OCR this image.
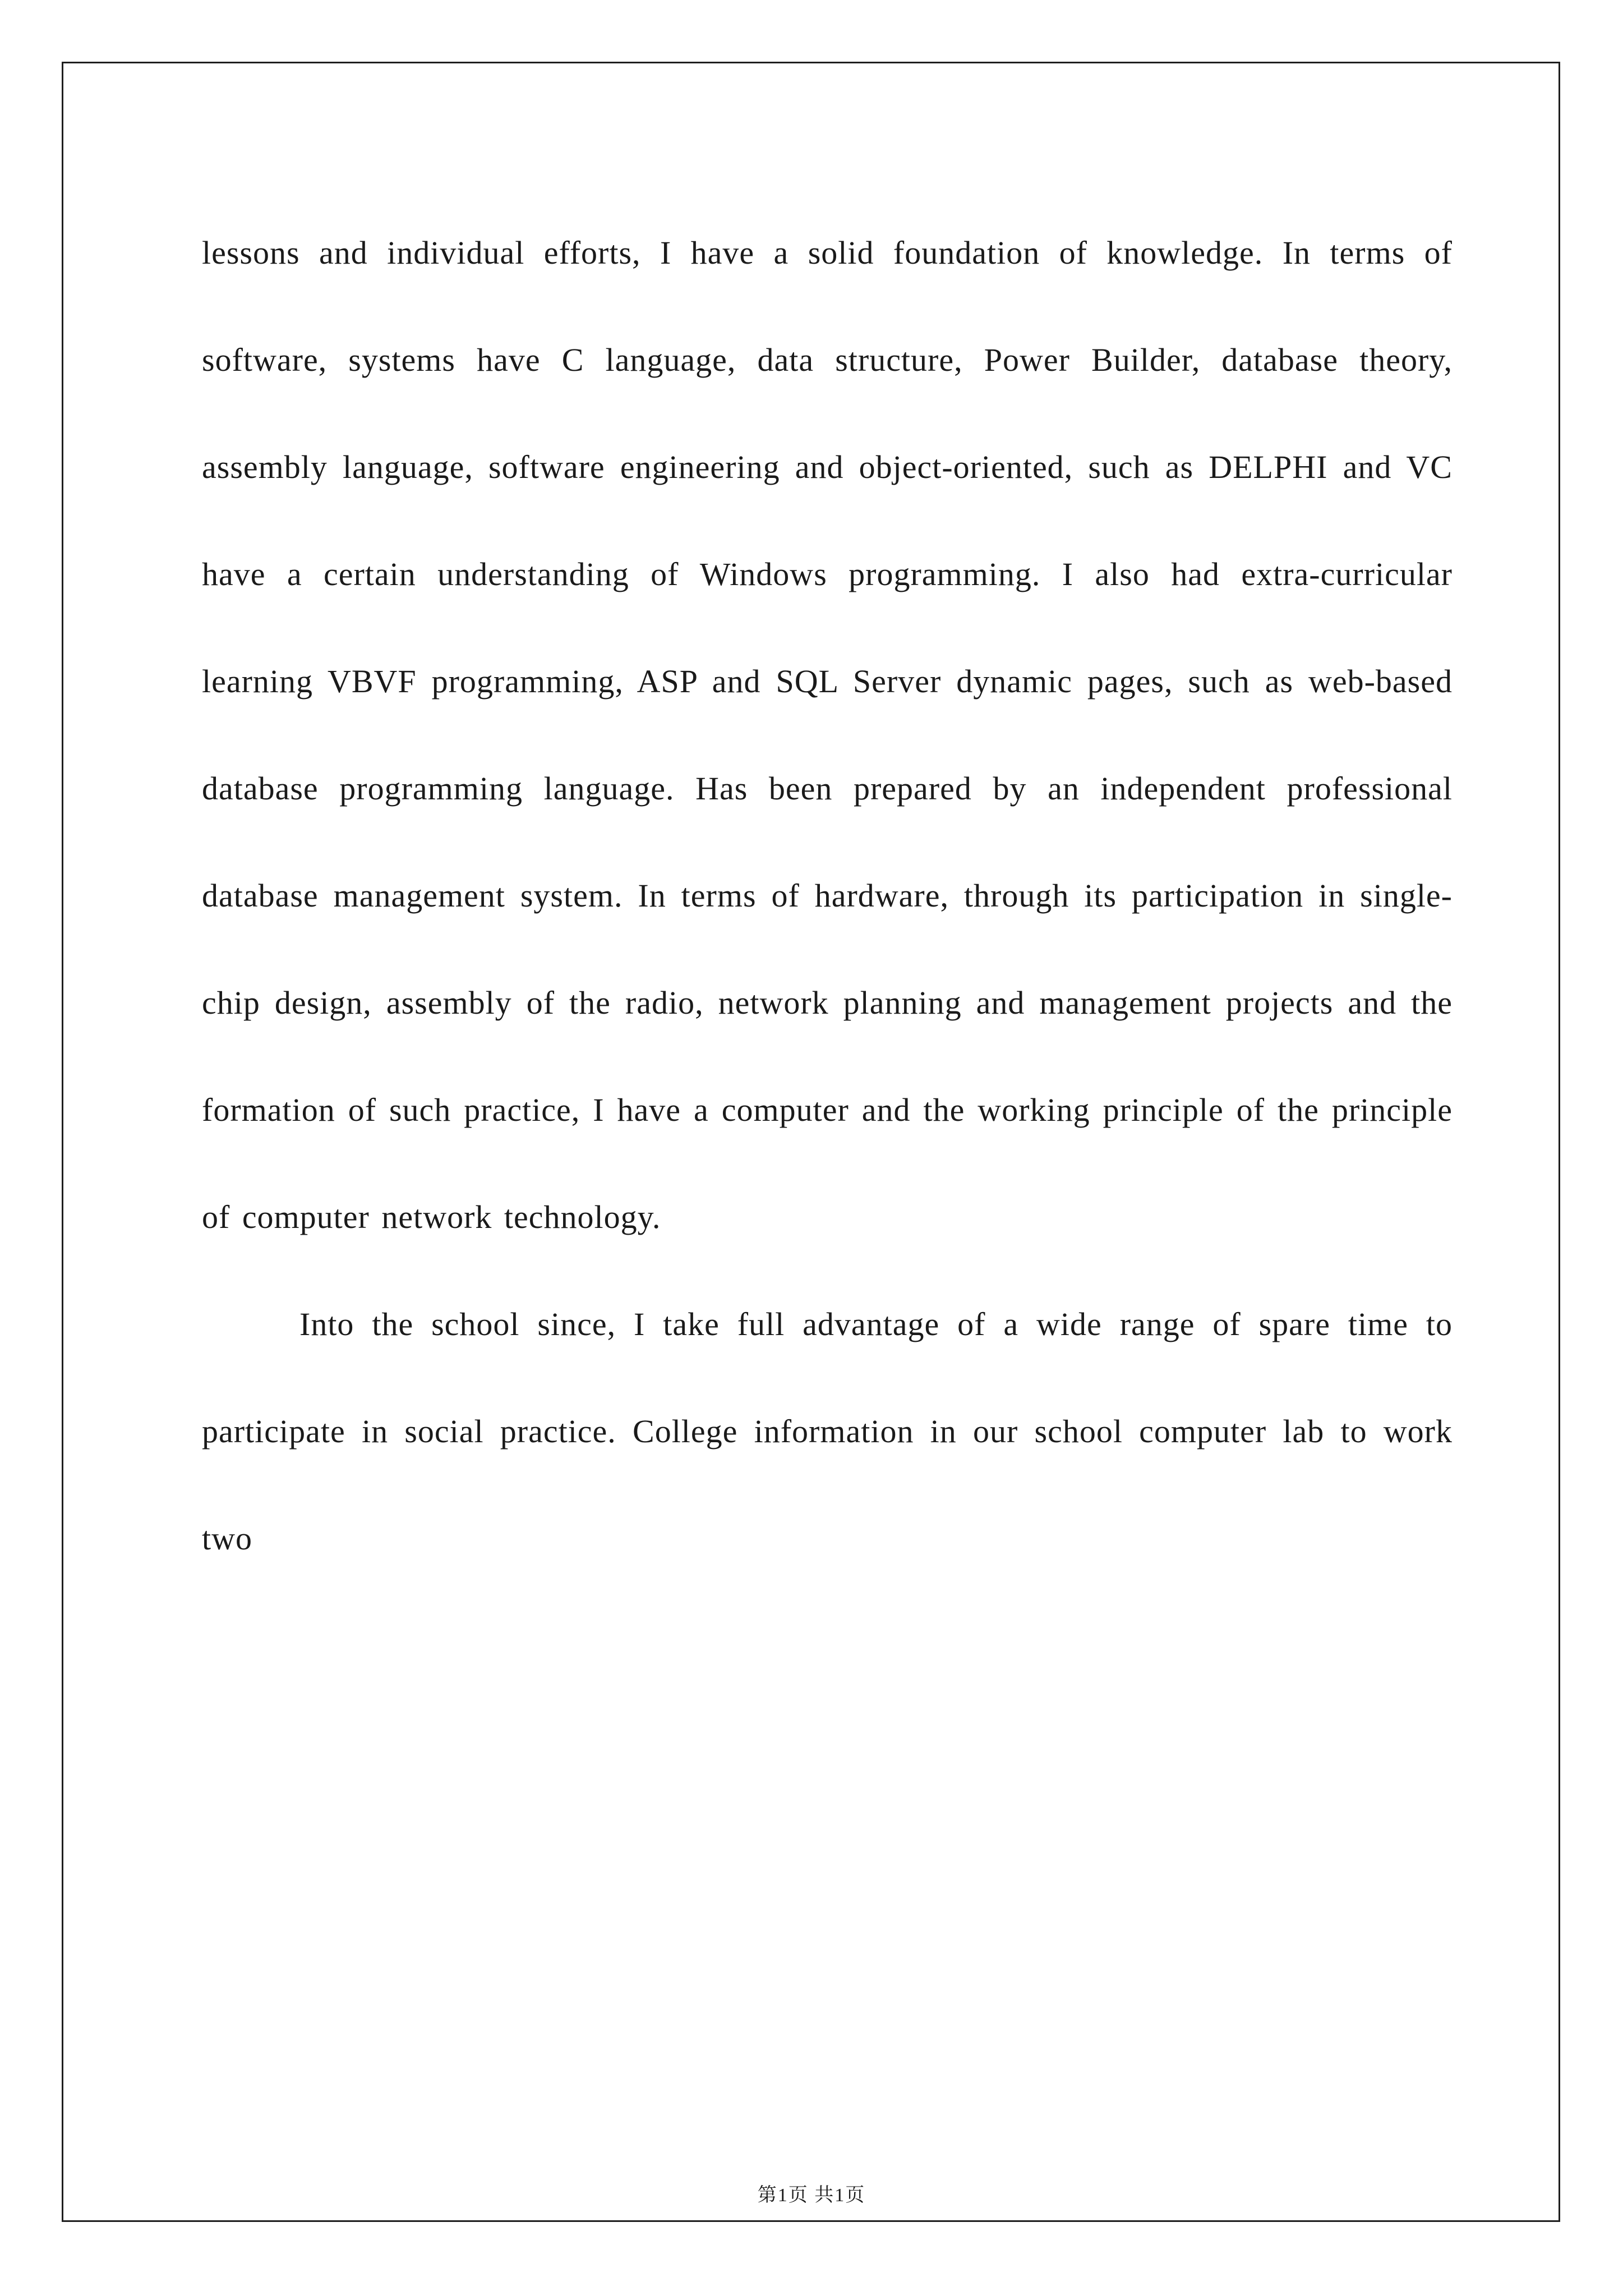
lessons and individual efforts, I have a solid foundation of knowledge. In terms of software, systems have C language, data structure, Power Builder, database theory, assembly language, software engineering and object-oriented, such as DELPHI and VC have a certain understanding of Windows programming. I also had extra-curricular learning VBVF programming, ASP and SQL Server dynamic pages, such as web-based database programming language. Has been prepared by an independent professional database management system. In terms of hardware, through its participation in single-chip design, assembly of the radio, network planning and management projects and the formation of such practice, I have a computer and the working principle of the principle of computer network technology.

Into the school since, I take full advantage of a wide range of spare time to participate in social practice. College information in our school computer lab to work two

第1页 共1页
